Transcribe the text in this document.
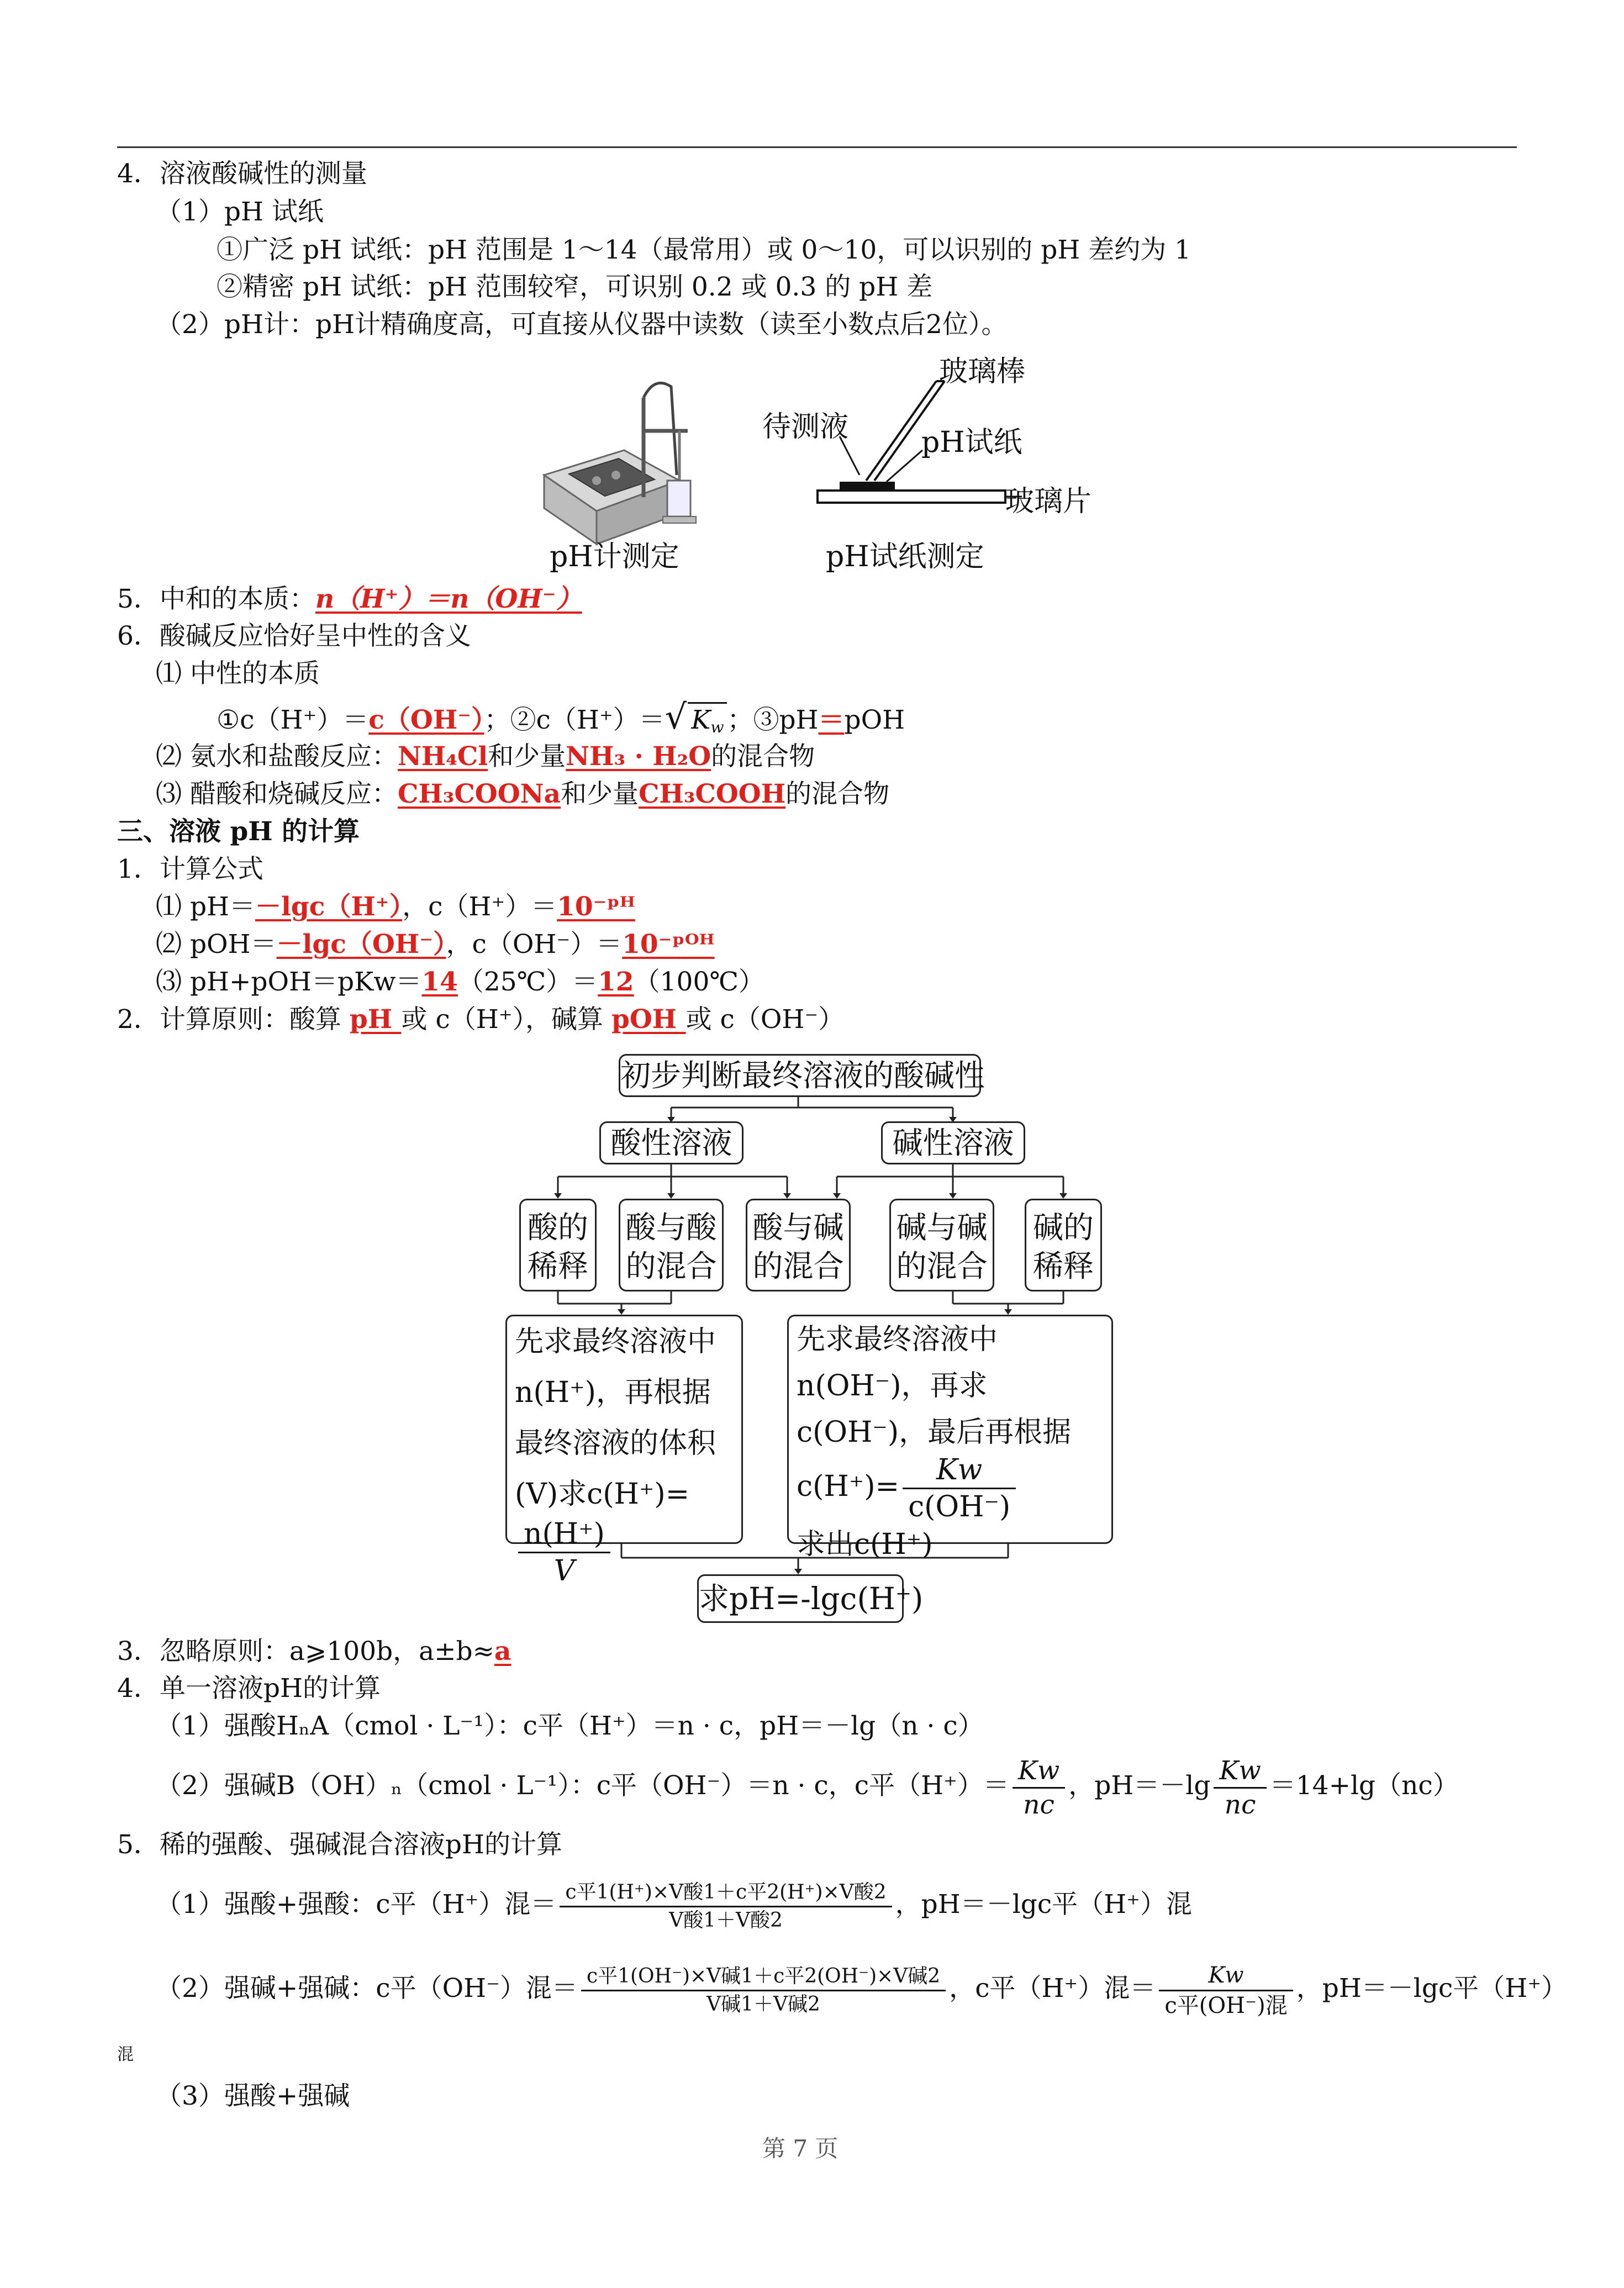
4．溶液酸碱性的测量
（1）pH 试纸
①广泛 pH 试纸：pH 范围是 1～14（最常用）或 0～10，可以识别的 pH 差约为 1
②精密 pH 试纸：pH 范围较窄，可识别 0.2 或 0.3 的 pH 差
（2）pH计：pH计精确度高，可直接从仪器中读数（读至小数点后2位）。
玻璃棒
待测液	pH试纸
玻璃片
pH计测定	pH试纸测定
5．中和的本质：n（H⁺）＝n（OH⁻）
6．酸碱反应恰好呈中性的含义
⑴ 中性的本质
①c（H⁺）＝c（OH⁻）；②c（H⁺）＝√ $K_w$ ；③pH＝pOH
⑵ 氨水和盐酸反应：NH₄Cl和少量NH₃ · H₂O的混合物
⑶ 醋酸和烧碱反应：CH₃COONa和少量CH₃COOH的混合物
三、溶液 pH 的计算
1．计算公式
⑴ pH＝－lgc（H⁺），c（H⁺）＝10⁻ᵖᴴ
⑵ pOH＝－lgc（OH⁻），c（OH⁻）＝10⁻ᵖᴼᴴ
⑶ pH+pOH＝pKw＝14（25℃）＝12（100℃）
2．计算原则：酸算 pH 或 c（H⁺），碱算 pOH 或 c（OH⁻）
初步判断最终溶液的酸碱性
酸性溶液	碱性溶液
酸的稀释
酸与酸的混合
酸与碱的混合
碱与碱的混合
碱的稀释
先求最终溶液中n(H⁺)，再根据最终溶液的体积(V)求c(H⁺)=
$\frac{n(H^+)}{V}$
先求最终溶液中n(OH⁻)，再求c(OH⁻)，最后再根据$c(H^+)= \frac{Kw}{c(OH^-)}$

求出c(H⁺)
求pH=-lgc(H⁺)
3．忽略原则：a⩾100b，a±b≈a
4．单一溶液pH的计算
（1）强酸HₙA（cmol · L⁻¹）：c平（H⁺）＝n · c，pH＝－lg（n · c）
（2）强碱B（OH）ₙ（cmol · L⁻¹）：c平（OH⁻）＝n · c，c平$(H^+)= \frac{Kw}{nc}$ ，$pH=-\lg \frac{Kw}{nc} =14+\lg(nc)$
5．稀的强酸、强碱混合溶液pH的计算
（1）强酸+强酸：c平（H⁺）混＝ $\frac{\text{c平1(H⁺)×V酸1＋c平2(H⁺)×V酸2}}{\text{V酸1＋V酸2}}$ ，pH＝－lgc平（H⁺）混
（2）强碱+强碱：c平（OH⁻）混＝ $\frac{\text{c平1(OH⁻)×V碱1＋c平2(OH⁻)×V碱2}}{\text{V碱1＋V碱2}}$ ，c平（H⁺）混＝ $\frac{Kw}{\text{c平(OH⁻)混}}$ ，pH＝－lgc平（H⁺）
混
（3）强酸+强碱
第 7 页
